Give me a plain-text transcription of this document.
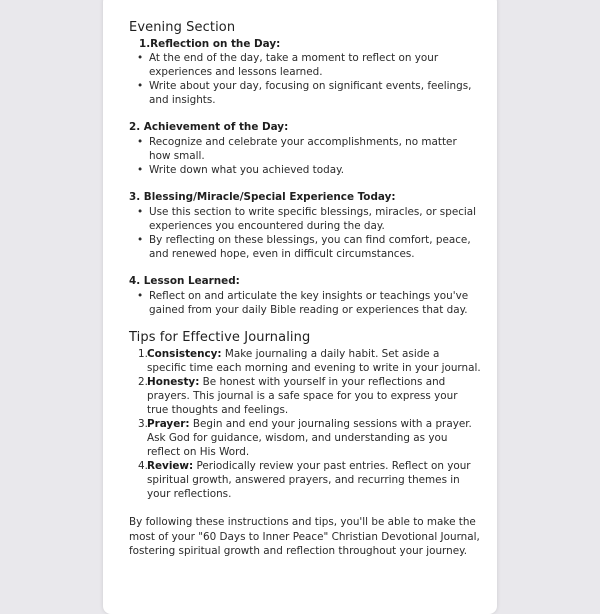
Evening Section
1.Reflection on the Day:
• At the end of the day, take a moment to reflect on your experiences and lessons learned.
• Write about your day, focusing on significant events, feelings, and insights.
2. Achievement of the Day:
• Recognize and celebrate your accomplishments, no matter how small.
• Write down what you achieved today.
3. Blessing/Miracle/Special Experience Today:
• Use this section to write specific blessings, miracles, or special experiences you encountered during the day.
• By reflecting on these blessings, you can find comfort, peace, and renewed hope, even in difficult circumstances.
4. Lesson Learned:
• Reflect on and articulate the key insights or teachings you've gained from your daily Bible reading or experiences that day.
Tips for Effective Journaling
1. Consistency: Make journaling a daily habit. Set aside a specific time each morning and evening to write in your journal.
2. Honesty: Be honest with yourself in your reflections and prayers. This journal is a safe space for you to express your true thoughts and feelings.
3. Prayer: Begin and end your journaling sessions with a prayer. Ask God for guidance, wisdom, and understanding as you reflect on His Word.
4. Review: Periodically review your past entries. Reflect on your spiritual growth, answered prayers, and recurring themes in your reflections.

By following these instructions and tips, you'll be able to make the most of your "60 Days to Inner Peace" Christian Devotional Journal, fostering spiritual growth and reflection throughout your journey.
